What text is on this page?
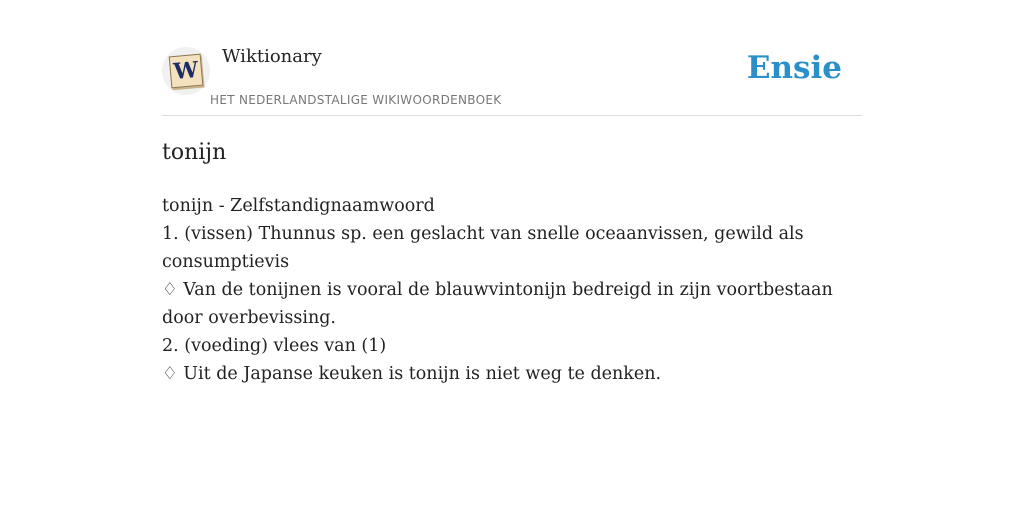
W
Wiktionary
HET NEDERLANDSTALIGE WIKIWOORDENBOEK
Ensie
tonijn

tonijn - Zelfstandignaamwoord

1. (vissen) Thunnus sp. een geslacht van snelle oceaanvissen, gewild als consumptievis

♢ Van de tonijnen is vooral de blauwvintonijn bedreigd in zijn voortbestaan door overbevissing.

2. (voeding) vlees van (1)

♢ Uit de Japanse keuken is tonijn is niet weg te denken.
